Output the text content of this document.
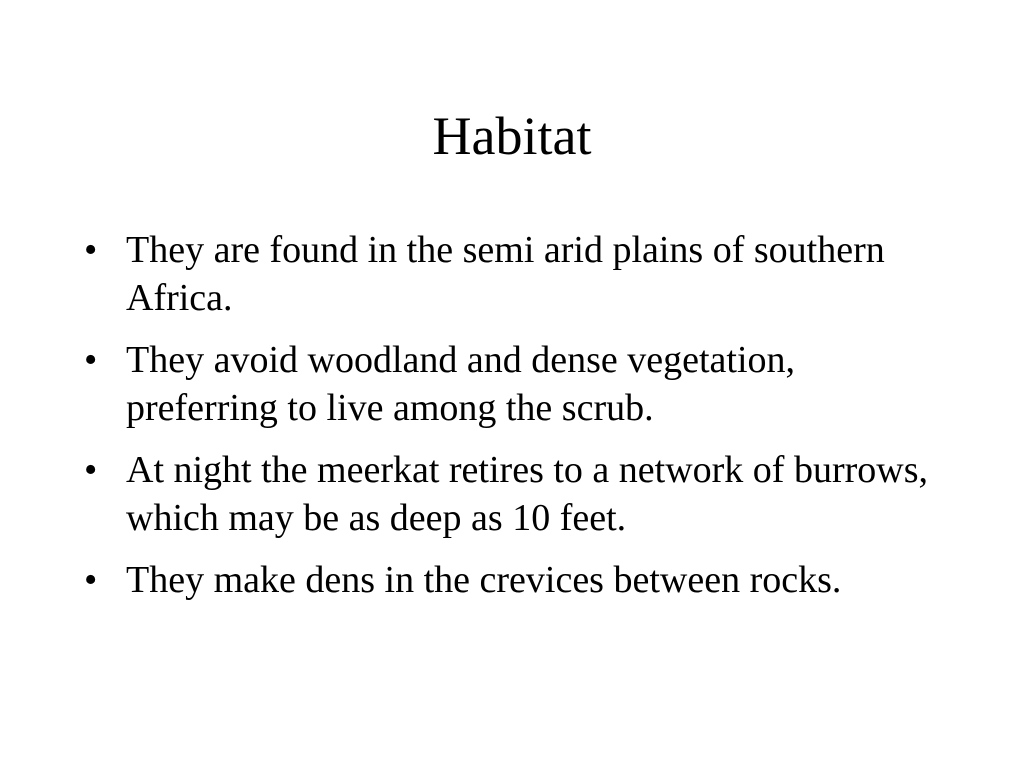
Habitat
• They are found in the semi arid plains of southern Africa.
• They avoid woodland and dense vegetation, preferring to live among the scrub.
• At night the meerkat retires to a network of burrows, which may be as deep as 10 feet.
• They make dens in the crevices between rocks.
